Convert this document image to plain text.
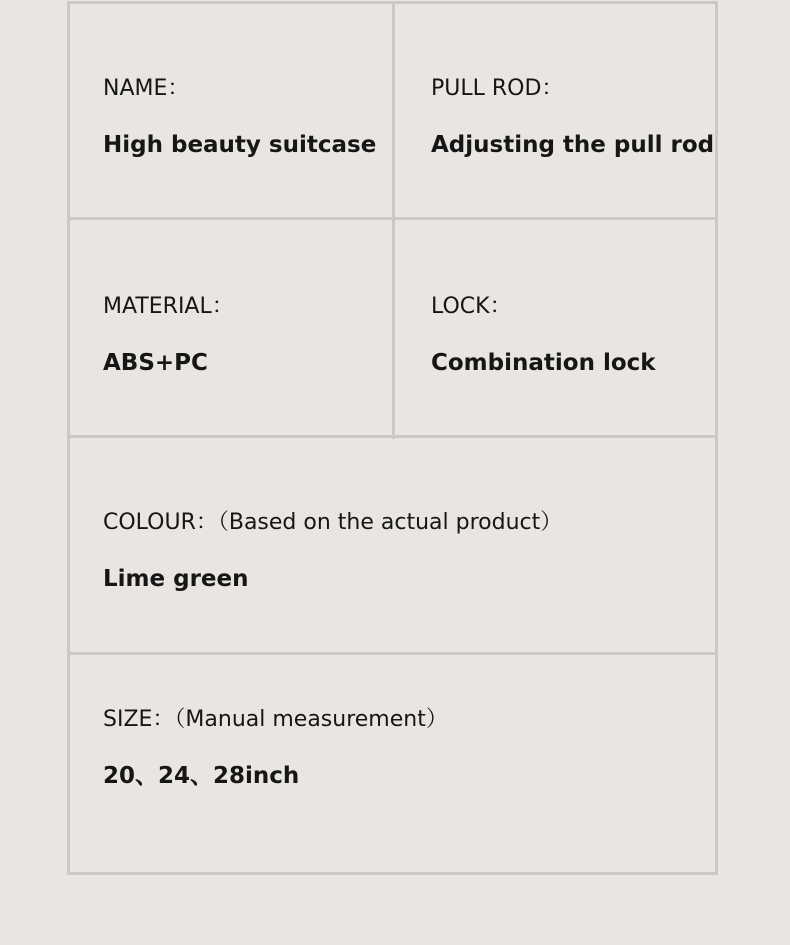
NAME：
High beauty suitcase
PULL ROD：
Adjusting the pull rod
MATERIAL：
ABS+PC
LOCK：
Combination lock
COLOUR：（Based on the actual product）
Lime green
SIZE：（Manual measurement）
20、24、28inch
